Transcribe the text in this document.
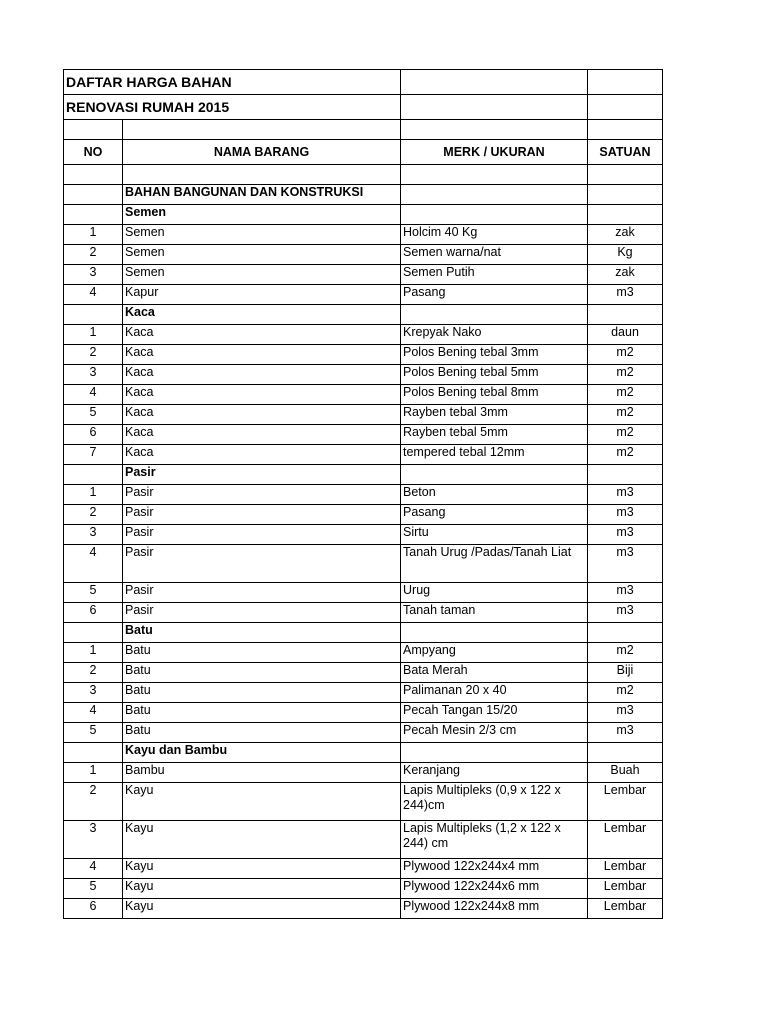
DAFTAR HARGA BAHAN			
RENOVASI RUMAH 2015			

NO	NAMA BARANG	MERK / UKURAN	SATUAN

	BAHAN BANGUNAN DAN KONSTRUKSI		
	Semen		
1	Semen	Holcim 40 Kg	zak
2	Semen	Semen warna/nat	Kg
3	Semen	Semen Putih	zak
4	Kapur	Pasang	m3
	Kaca		
1	Kaca	Krepyak Nako	daun
2	Kaca	Polos Bening tebal 3mm	m2
3	Kaca	Polos Bening tebal 5mm	m2
4	Kaca	Polos Bening tebal 8mm	m2
5	Kaca	Rayben tebal 3mm	m2
6	Kaca	Rayben tebal 5mm	m2
7	Kaca	tempered tebal 12mm	m2
	Pasir		
1	Pasir	Beton	m3
2	Pasir	Pasang	m3
3	Pasir	Sirtu	m3
4	Pasir	Tanah Urug /Padas/Tanah Liat	m3
5	Pasir	Urug	m3
6	Pasir	Tanah taman	m3
	Batu		
1	Batu	Ampyang	m2
2	Batu	Bata Merah	Biji
3	Batu	Palimanan 20 x 40	m2
4	Batu	Pecah Tangan 15/20	m3
5	Batu	Pecah Mesin 2/3 cm	m3
	Kayu dan Bambu		
1	Bambu	Keranjang	Buah
2	Kayu	Lapis Multipleks (0,9 x 122 x 244)cm	Lembar
3	Kayu	Lapis Multipleks (1,2 x 122 x 244) cm	Lembar
4	Kayu	Plywood 122x244x4 mm	Lembar
5	Kayu	Plywood 122x244x6 mm	Lembar
6	Kayu	Plywood 122x244x8 mm	Lembar
